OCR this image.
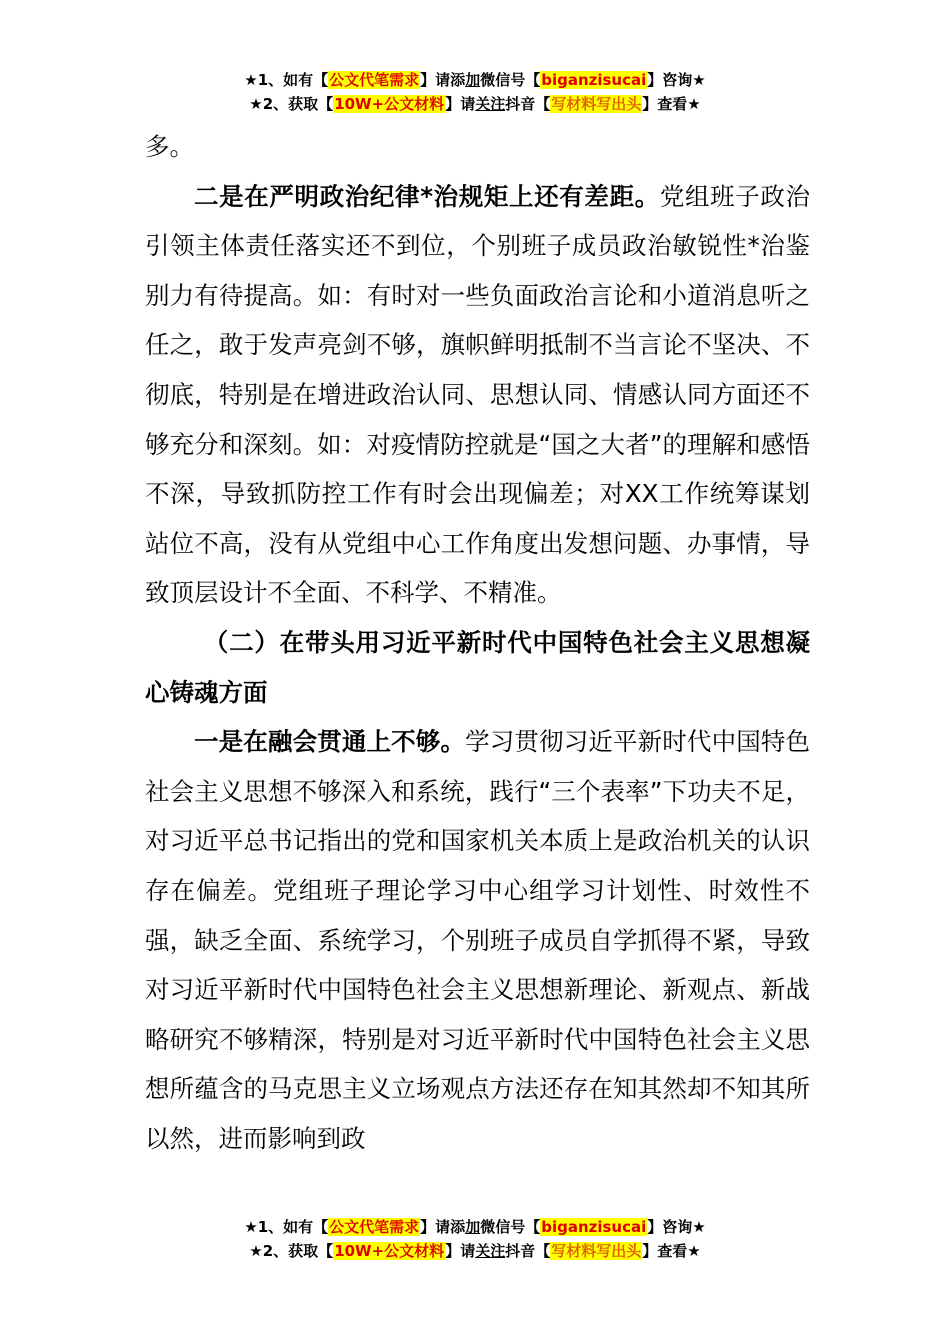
★1、如有【公文代笔需求】请添加微信号【biganzisucai】咨询★
★2、获取【10W+公文材料】请关注抖音【写材料写出头】查看★

多。

二是在严明政治纪律*治规矩上还有差距。党组班子政治引领主体责任落实还不到位，个别班子成员政治敏锐性*治鉴别力有待提高。如：有时对一些负面政治言论和小道消息听之任之，敢于发声亮剑不够，旗帜鲜明抵制不当言论不坚决、不彻底，特别是在增进政治认同、思想认同、情感认同方面还不够充分和深刻。如：对疫情防控就是“国之大者”的理解和感悟不深，导致抓防控工作有时会出现偏差；对XX工作统筹谋划站位不高，没有从党组中心工作角度出发想问题、办事情，导致顶层设计不全面、不科学、不精准。

（二）在带头用习近平新时代中国特色社会主义思想凝心铸魂方面

一是在融会贯通上不够。学习贯彻习近平新时代中国特色社会主义思想不够深入和系统，践行“三个表率”下功夫不足，对习近平总书记指出的党和国家机关本质上是政治机关的认识存在偏差。党组班子理论学习中心组学习计划性、时效性不强，缺乏全面、系统学习，个别班子成员自学抓得不紧，导致对习近平新时代中国特色社会主义思想新理论、新观点、新战略研究不够精深，特别是对习近平新时代中国特色社会主义思想所蕴含的马克思主义立场观点方法还存在知其然却不知其所以然，进而影响到政

★1、如有【公文代笔需求】请添加微信号【biganzisucai】咨询★
★2、获取【10W+公文材料】请关注抖音【写材料写出头】查看★
